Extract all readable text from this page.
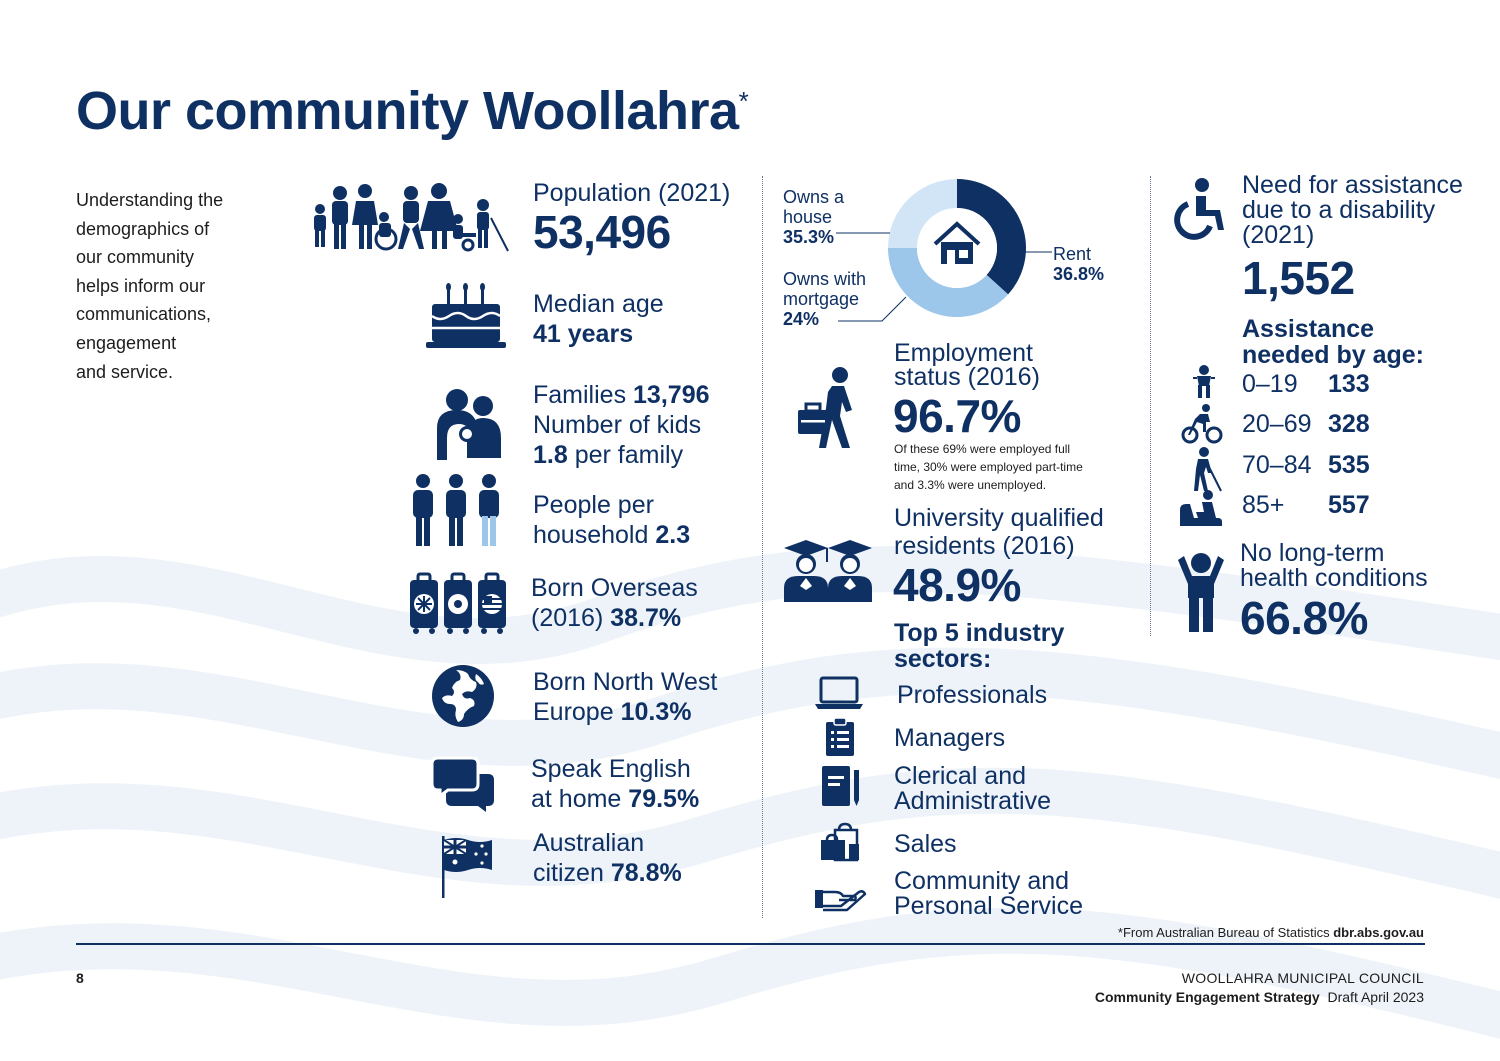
Our community Woollahra*
Understanding the
demographics of
our community
helps inform our
communications,
engagement
and service.
Population (2021)
53,496
Median age
41 years
Families 13,796
Number of kids
1.8 per family
People per
household 2.3
Born Overseas
(2016) 38.7%
Born North West
Europe 10.3%
Speak English
at home 79.5%
Australian
citizen 78.8%
Owns a
house
35.3%
Owns with
mortgage
24%
Rent
36.8%
Employment
status (2016)
96.7%
Of these 69% were employed full
time, 30% were employed part-time
and 3.3% were unemployed.
University qualified
residents (2016)
48.9%
Top 5 industry
sectors:
Professionals
Managers
Clerical and
Administrative
Sales
Community and
Personal Service
Need for assistance
due to a disability
(2021)
1,552
Assistance
needed by age:
0–19 133
20–69 328
70–84 535
85+ 557
No long-term
health conditions
66.8%
*From Australian Bureau of Statistics dbr.abs.gov.au
8	WOOLLAHRA MUNICIPAL COUNCIL
Community Engagement Strategy Draft April 2023
